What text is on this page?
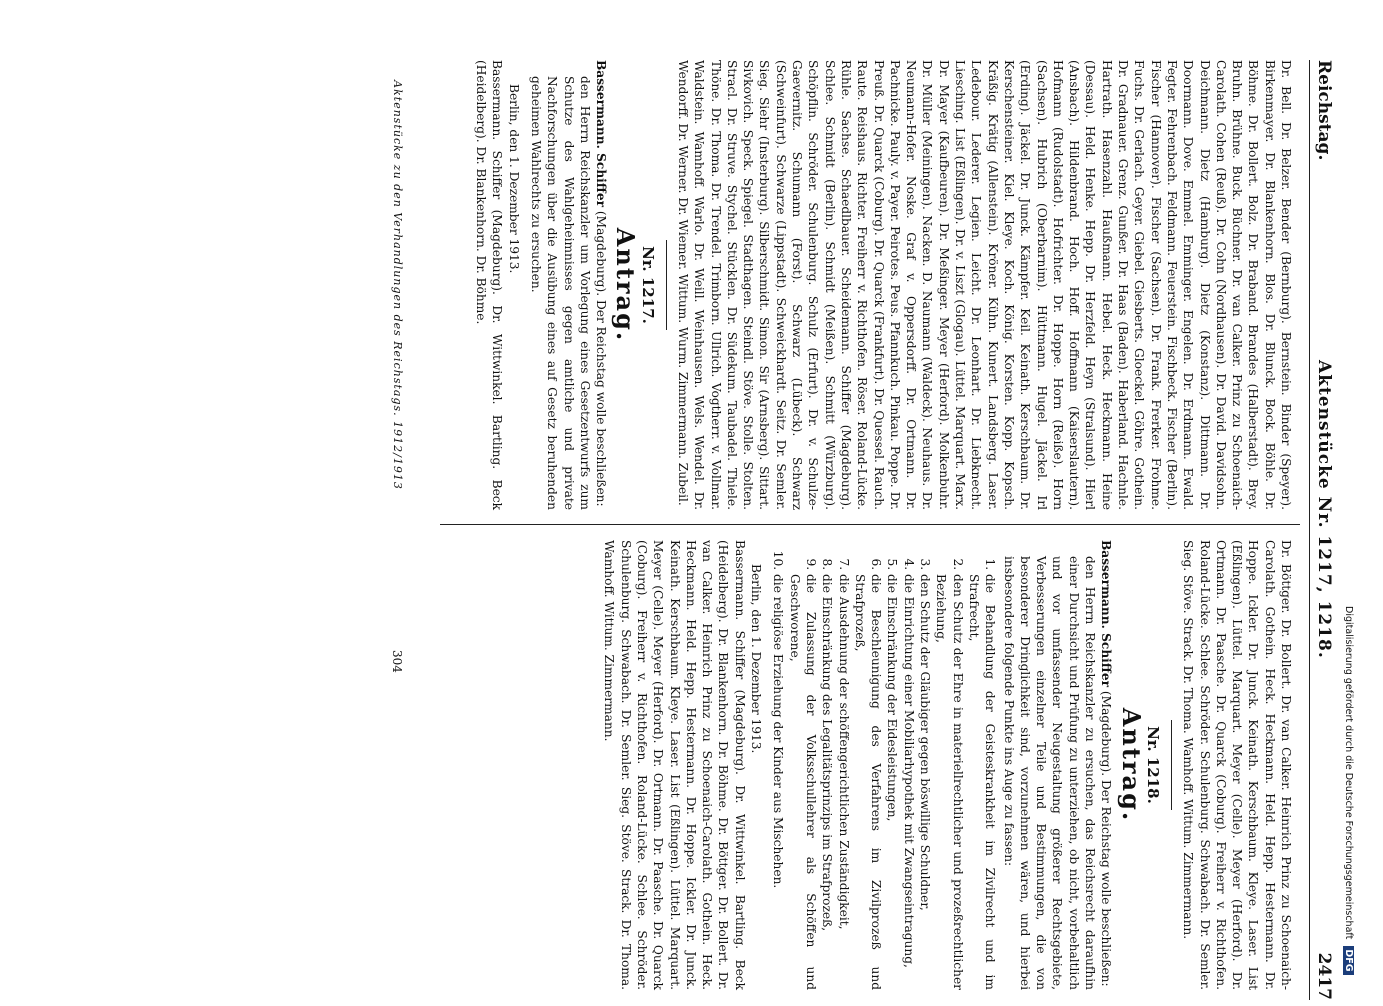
Reichstag.
Aktenstücke Nr. 1217, 1218.
2417

Dr. Bell. Dr. Belzer. Bender (Bernburg). Bernstein. Binder (Speyer). Birkenmayer. Dr. Blankenhorn. Blos. Dr. Blunck. Bock. Böhle. Dr. Böhme. Dr. Bollert. Bolz. Dr. Braband. Brandes (Halberstadt). Brey. Bruhn. Brühne. Buck. Büchner. Dr. van Calker. Prinz zu Schoenaich-Carolath. Cohen (Reuß). Dr. Cohn (Nordhausen). Dr. David. Davidsohn. Deichmann. Dietz (Hamburg). Dietz (Konstanz). Dittmann. Dr. Doormann. Dove. Emmel. Emminger. Engelen. Dr. Erdmann. Ewald. Fegter. Fehrenbach. Feldmann. Feuerstein. Fischbeck. Fischer (Berlin). Fischer (Hannover). Fischer (Sachsen). Dr. Frank. Frerker. Frohme. Fuchs. Dr. Gerlach. Geyer. Giebel. Giesberts. Gloeckel. Göhre. Gothein. Dr. Gradnauer. Grenz. Gunßer. Dr. Haas (Baden). Haberland. Hachnle. Hartrath. Hasenzahl. Haußmann. Hebel. Heck. Heckmann. Heine (Dessau). Held. Henke. Hepp. Dr. Herzfeld. Heyn (Stralsund). Hierl (Ansbach). Hildenbrand. Hoch. Hoff. Hoffmann (Kaiserslautern). Hofmann (Rudolstadt). Hofrichter. Dr. Hoppe. Horn (Reiße). Horn (Sachsen). Hubrich (Oberbarnim). Hüttmann. Hugel. Jäckel. Irl (Erding). Jäckel. Dr. Junck. Kämpfer. Keil. Keinath. Kerschbaum. Dr. Kerschensteiner. Kiel. Kleye. Koch. König. Korsten. Kopp. Kopsch. Kräßig. Krätig (Allenstein). Kröner. Kühn. Kunert. Landsberg. Laser. Ledebour. Lederer. Legien. Leicht. Dr. Leonhart. Dr. Liebknecht. Liesching. List (Eßlingen). Dr. v. Liszt (Glogau). Lüttel. Marquart. Marx. Dr. Mayer (Kaufbeuren). Dr. Meßinger. Meyer (Herford). Molkenbuhr. Dr. Müller (Meiningen). Nacken. D. Naumann (Waldeck). Neuhaus. Dr. Neumann-Hofer. Noske. Graf v. Oppersdorff. Dr. Ortmann. Dr. Pachnicke. Pauly. v. Payer. Peirotes. Peus. Pfannkuch. Pinkau. Poppe. Dr. Preuß. Dr. Quarck (Coburg). Dr. Quarck (Frankfurt). Dr. Quessel. Rauch. Raute. Reishaus. Richter. Freiherr v. Richthofen. Röser. Roland-Lücke. Rühle. Sachse. Schaedlbauer. Scheidemann. Schiffer (Magdeburg). Schlee. Schmidt (Berlin). Schmidt (Meißen). Schmitt (Würzburg). Schöpflin. Schröder. Schulenburg. Schulz (Erfurt). Dr. v. Schulze-Gaevernitz. Schumann (Forst). Schwarz (Lübeck). Schwarz (Schweinfurt). Schwarze (Lippstadt). Schweickhardt. Seitz. Dr. Semler. Sieg. Siehr (Insterburg). Silberschmidt. Simon. Sir (Arnsberg). Sittart. Sivkovich. Speck. Spiegel. Stadthagen. Steindl. Stöve. Stolle. Stolten. Stracl. Dr. Struve. Stychel. Stücklen. Dr. Südekum. Taubadel. Thiele. Thöne. Dr. Thoma. Dr. Trendel. Trimborn. Ullrich. Vogtherr. v. Vollmar. Waldstein. Wamhoff. Warlo. Dr. Weill. Weinhausen. Wels. Wendel. Dr. Wendorff. Dr. Werner. Dr. Wiemer. Wittum. Wurm. Zimmermann. Zubeil.

Nr. 1217.

Antrag.

Bassermann. Schiffer (Magdeburg). Der Reichstag wolle beschließen:

den Herrn Reichskanzler um Vorlegung eines Gesetzentwurfs zum Schutze des Wahlgeheimnisses gegen amtliche und private Nachforschungen über die Ausübung eines auf Gesetz beruhenden geheimen Wahlrechts zu ersuchen.

Berlin, den 1. Dezember 1913.

Bassermann. Schiffer (Magdeburg). Dr. Wittwinkel. Bartling. Beck (Heidelberg). Dr. Blankenhorn. Dr. Böhme.

Dr. Böttger. Dr. Bollert. Dr. van Calker. Heinrich Prinz zu Schoenaich-Carolath. Gothein. Heck. Heckmann. Held. Hepp. Hestermann. Dr. Hoppe. Ickler. Dr. Junck. Keinath. Kerschbaum. Kleye. Laser. List (Eßlingen). Lüttel. Marquart. Meyer (Celle). Meyer (Herford). Dr. Ortmann. Dr. Paasche. Dr. Quarck (Coburg). Freiherr v. Richthofen. Roland-Lücke. Schlee. Schröder. Schulenburg. Schwabach. Dr. Semler. Sieg. Stöve. Strack. Dr. Thoma. Wamhoff. Wittum. Zimmermann.

Nr. 1218.

Antrag.

Bassermann. Schiffer (Magdeburg). Der Reichstag wolle beschließen:

den Herrn Reichskanzler zu ersuchen, das Reichsrecht daraufhin einer Durchsicht und Prüfung zu unterziehen, ob nicht, vorbehaltlich und vor umfassender Neugestaltung größerer Rechtsgebiete, Verbesserungen einzelner Teile und Bestimmungen, die von besonderer Dringlichkeit sind, vorzunehmen wären, und hierbei insbesondere folgende Punkte ins Auge zu fassen:

1. die Behandlung der Geisteskrankheit im Zivilrecht und im Strafrecht,
2. den Schutz der Ehre in materiellrechtlicher und prozeßrechtlicher Beziehung,
3. den Schutz der Gläubiger gegen böswillige Schuldner,
4. die Einrichtung einer Mobiliarhypothek mit Zwangseintragung,
5. die Einschränkung der Eidesleistungen,
6. die Beschleunigung des Verfahrens im Zivilprozeß und Strafprozeß,
7. die Ausdehnung der schöffengerichtlichen Zuständigkeit,
8. die Einschränkung des Legalitätsprinzips im Strafprozeß,
9. die Zulassung der Volksschullehrer als Schöffen und Geschworene,
10. die religiöse Erziehung der Kinder aus Mischehen.

Berlin, den 1. Dezember 1913.

Bassermann. Schiffer (Magdeburg). Dr. Wittwinkel. Bartling. Beck (Heidelberg). Dr. Blankenhorn. Dr. Böhme. Dr. Böttger. Dr. Bollert. Dr. van Calker. Heinrich Prinz zu Schoenaich-Carolath. Gothein. Heck. Heckmann. Held. Hepp. Hestermann. Dr. Hoppe. Ickler. Dr. Junck. Keinath. Kerschbaum. Kleye. Laser. List (Eßlingen). Lüttel. Marquart. Meyer (Celle). Meyer (Herford). Dr. Ortmann. Dr. Paasche. Dr. Quarck (Coburg). Freiherr v. Richthofen. Roland-Lücke. Schlee. Schröder. Schulenburg. Schwabach. Dr. Semler. Sieg. Stöve. Strack. Dr. Thoma. Wamhoff. Wittum. Zimmermann.

Aktenstücke zu den Verhandlungen des Reichstags. 1912/1913
304	Digitalisierung gefördert durch die Deutsche Forschungsgemeinschaft DFG
